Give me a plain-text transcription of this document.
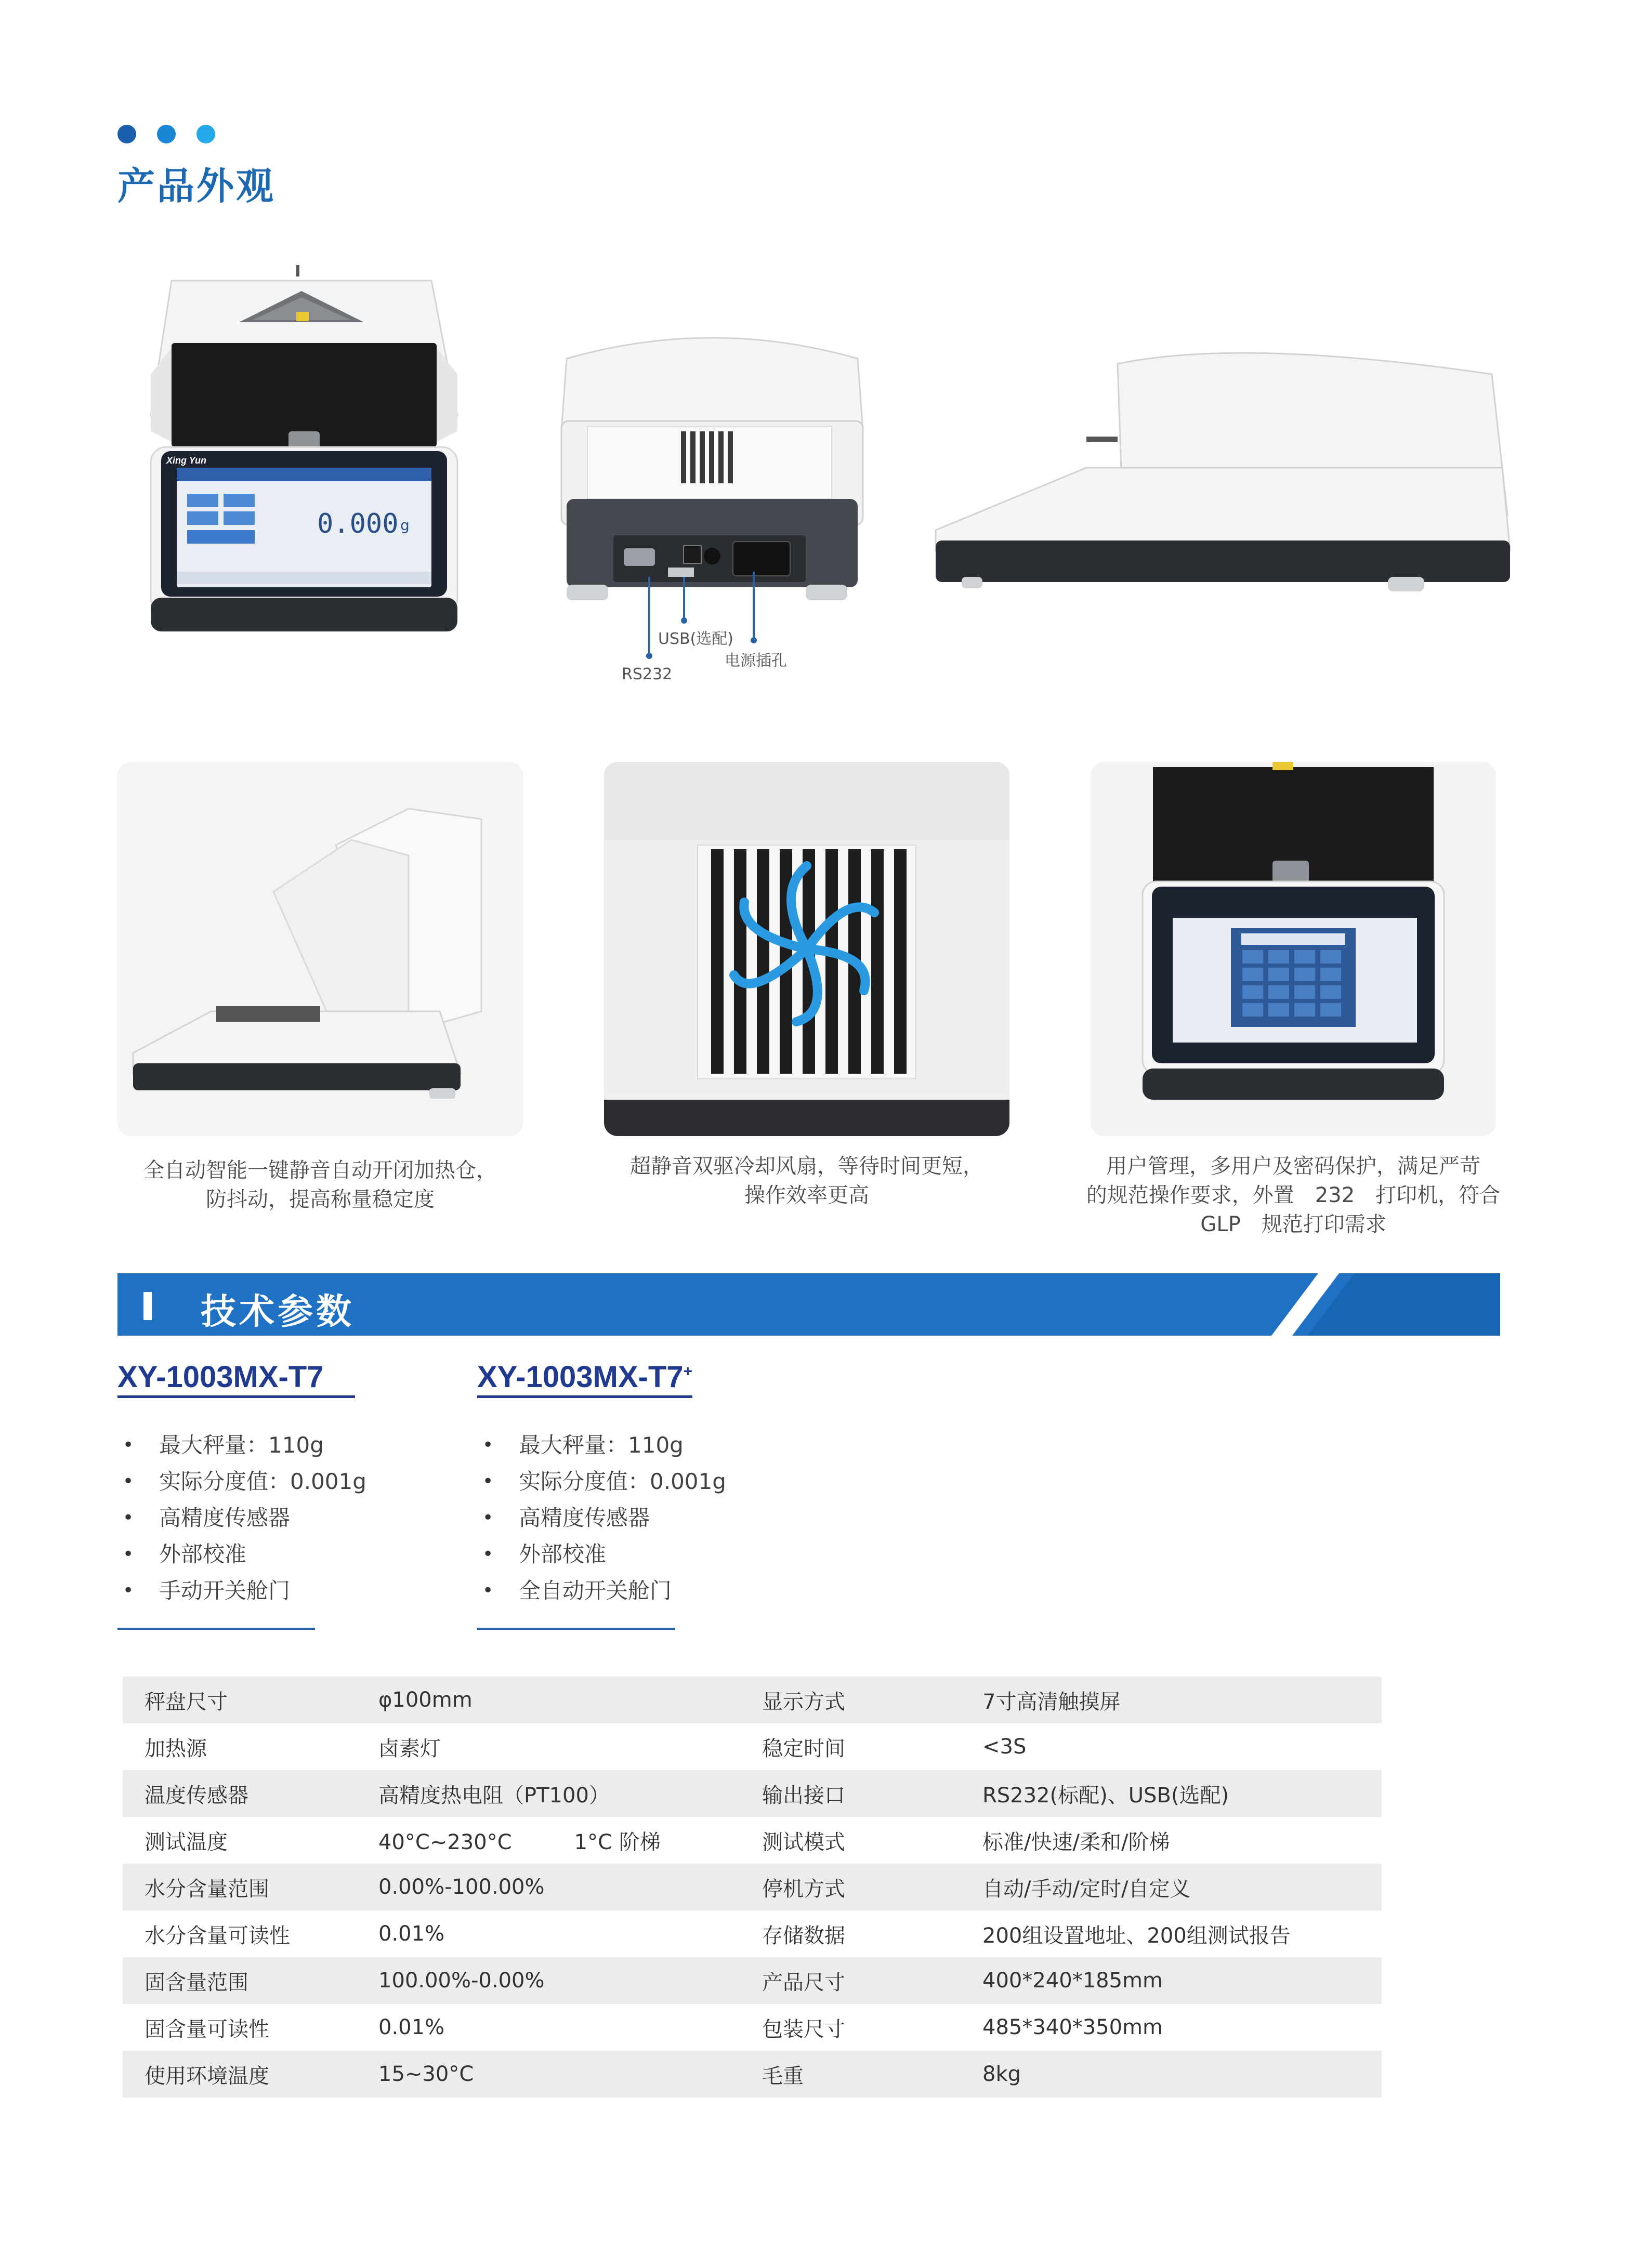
产品外观
Xing Yun
0.000 g
RS232
USB(选配)
电源插孔
全自动智能一键静音自动开闭加热仓，
防抖动，提高称量稳定度
超静音双驱冷却风扇，等待时间更短，
操作效率更高
用户管理，多用户及密码保护，满足严苛
的规范操作要求，外置　232　打印机，符合
GLP　规范打印需求
技术参数
XY-1003MX-T7
• 最大秤量：110g
• 实际分度值：0.001g
• 高精度传感器
• 外部校准
• 手动开关舱门
XY-1003MX-T7+
• 最大秤量：110g
• 实际分度值：0.001g
• 高精度传感器
• 外部校准
• 全自动开关舱门
秤盘尺寸	φ100mm	显示方式	7寸高清触摸屏
加热源	卤素灯	稳定时间	<3S
温度传感器	高精度热电阻（PT100）	输出接口	RS232(标配)、USB(选配)
测试温度	40°C~230°C　　　1°C 阶梯	测试模式	标准/快速/柔和/阶梯
水分含量范围	0.00%-100.00%	停机方式	自动/手动/定时/自定义
水分含量可读性	0.01%	存储数据	200组设置地址、200组测试报告
固含量范围	100.00%-0.00%	产品尺寸	400*240*185mm
固含量可读性	0.01%	包装尺寸	485*340*350mm
使用环境温度	15~30°C	毛重	8kg
